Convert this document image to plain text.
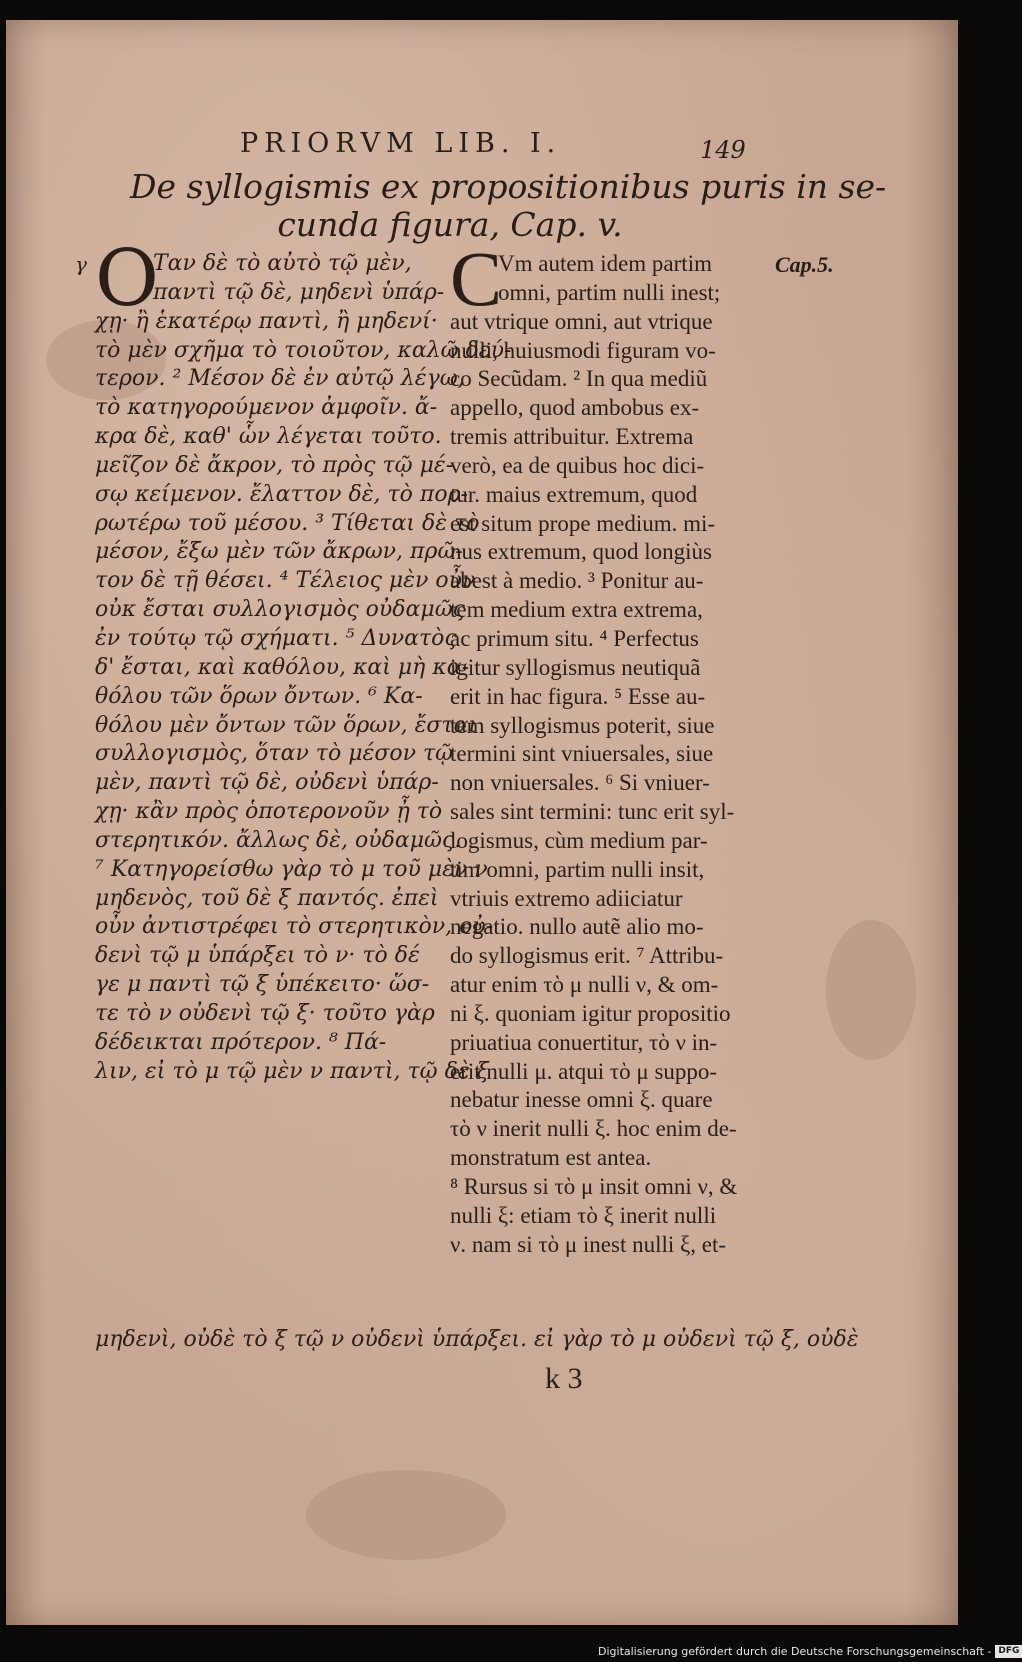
PRIORVM LIB. I.	149
De syllogismis ex propositionibus puris in se-
cunda figura, Cap. v.
γ	Cap.5.
Ο
Ταν δὲ τὸ αὐτὸ τῷ μὲν,
παντὶ τῷ δὲ, μηδενὶ ὑπάρ-
χῃ· ἢ ἑκατέρῳ παντὶ, ἢ μηδενί·
τὸ μὲν σχῆμα τὸ τοιοῦτον, καλῶ δεύ-
τερον. ² Μέσον δὲ ἐν αὐτῷ λέγω,
τὸ κατηγορούμενον ἀμφοῖν. ἄ-
κρα δὲ, καθ' ὧν λέγεται τοῦτο.
μεῖζον δὲ ἄκρον, τὸ πρὸς τῷ μέ-
σῳ κείμενον. ἔλαττον δὲ, τὸ πορ-
ρωτέρω τοῦ μέσου. ³ Τίθεται δὲ τὸ
μέσον, ἔξω μὲν τῶν ἄκρων, πρῶ-
τον δὲ τῇ θέσει. ⁴ Τέλειος μὲν οὖν
οὐκ ἔσται συλλογισμὸς οὐδαμῶς
ἐν τούτῳ τῷ σχήματι. ⁵ Δυνατὸς
δ' ἔσται, καὶ καθόλου, καὶ μὴ κα-
θόλου τῶν ὅρων ὄντων. ⁶ Κα-
θόλου μὲν ὄντων τῶν ὅρων, ἔσται
συλλογισμὸς, ὅταν τὸ μέσον τῷ
μὲν, παντὶ τῷ δὲ, οὐδενὶ ὑπάρ-
χῃ· κἂν πρὸς ὁποτερονοῦν ᾖ τὸ
στερητικόν. ἄλλως δὲ, οὐδαμῶς.
⁷ Κατηγορείσθω γὰρ τὸ μ τοῦ μὲν ν
μηδενὸς, τοῦ δὲ ξ παντός. ἐπεὶ
οὖν ἀντιστρέφει τὸ στερητικὸν, οὐ-
δενὶ τῷ μ ὑπάρξει τὸ ν· τὸ δέ
γε μ παντὶ τῷ ξ ὑπέκειτο· ὥσ-
τε τὸ ν οὐδενὶ τῷ ξ· τοῦτο γὰρ
δέδεικται πρότερον. ⁸ Πά-
λιν, εἰ τὸ μ τῷ μὲν ν παντὶ, τῷ δὲ ξ
C
Vm autem idem partim
omni, partim nulli inest;
aut vtrique omni, aut vtrique
nulli, huiusmodi figuram vo-
co Secũdam. ² In qua mediũ
appello, quod ambobus ex-
tremis attribuitur. Extrema
verò, ea de quibus hoc dici-
tur. maius extremum, quod
est situm prope medium. mi-
nus extremum, quod longiùs
abest à medio. ³ Ponitur au-
tem medium extra extrema,
ac primum situ. ⁴ Perfectus
igitur syllogismus neutiquã
erit in hac figura. ⁵ Esse au-
tem syllogismus poterit, siue
termini sint vniuersales, siue
non vniuersales. ⁶ Si vniuer-
sales sint termini: tunc erit syl-
logismus, cùm medium par-
tim omni, partim nulli insit,
vtriuis extremo adiiciatur
negatio. nullo autẽ alio mo-
do syllogismus erit. ⁷ Attribu-
atur enim τὸ μ nulli ν, & om-
ni ξ. quoniam igitur propositio
priuatiua conuertitur, τὸ ν in-
erit nulli μ. atqui τὸ μ suppo-
nebatur inesse omni ξ. quare
τὸ ν inerit nulli ξ. hoc enim de-
monstratum est antea.
⁸ Rursus si τὸ μ insit omni ν, &
nulli ξ: etiam τὸ ξ inerit nulli
ν. nam si τὸ μ inest nulli ξ, et-
μηδενὶ, οὐδὲ τὸ ξ τῷ ν οὐδενὶ ὑπάρξει. εἰ γὰρ τὸ μ οὐδενὶ τῷ ξ, οὐδὲ
k 3
Digitalisierung gefördert durch die Deutsche Forschungsgemeinschaft - DFG
